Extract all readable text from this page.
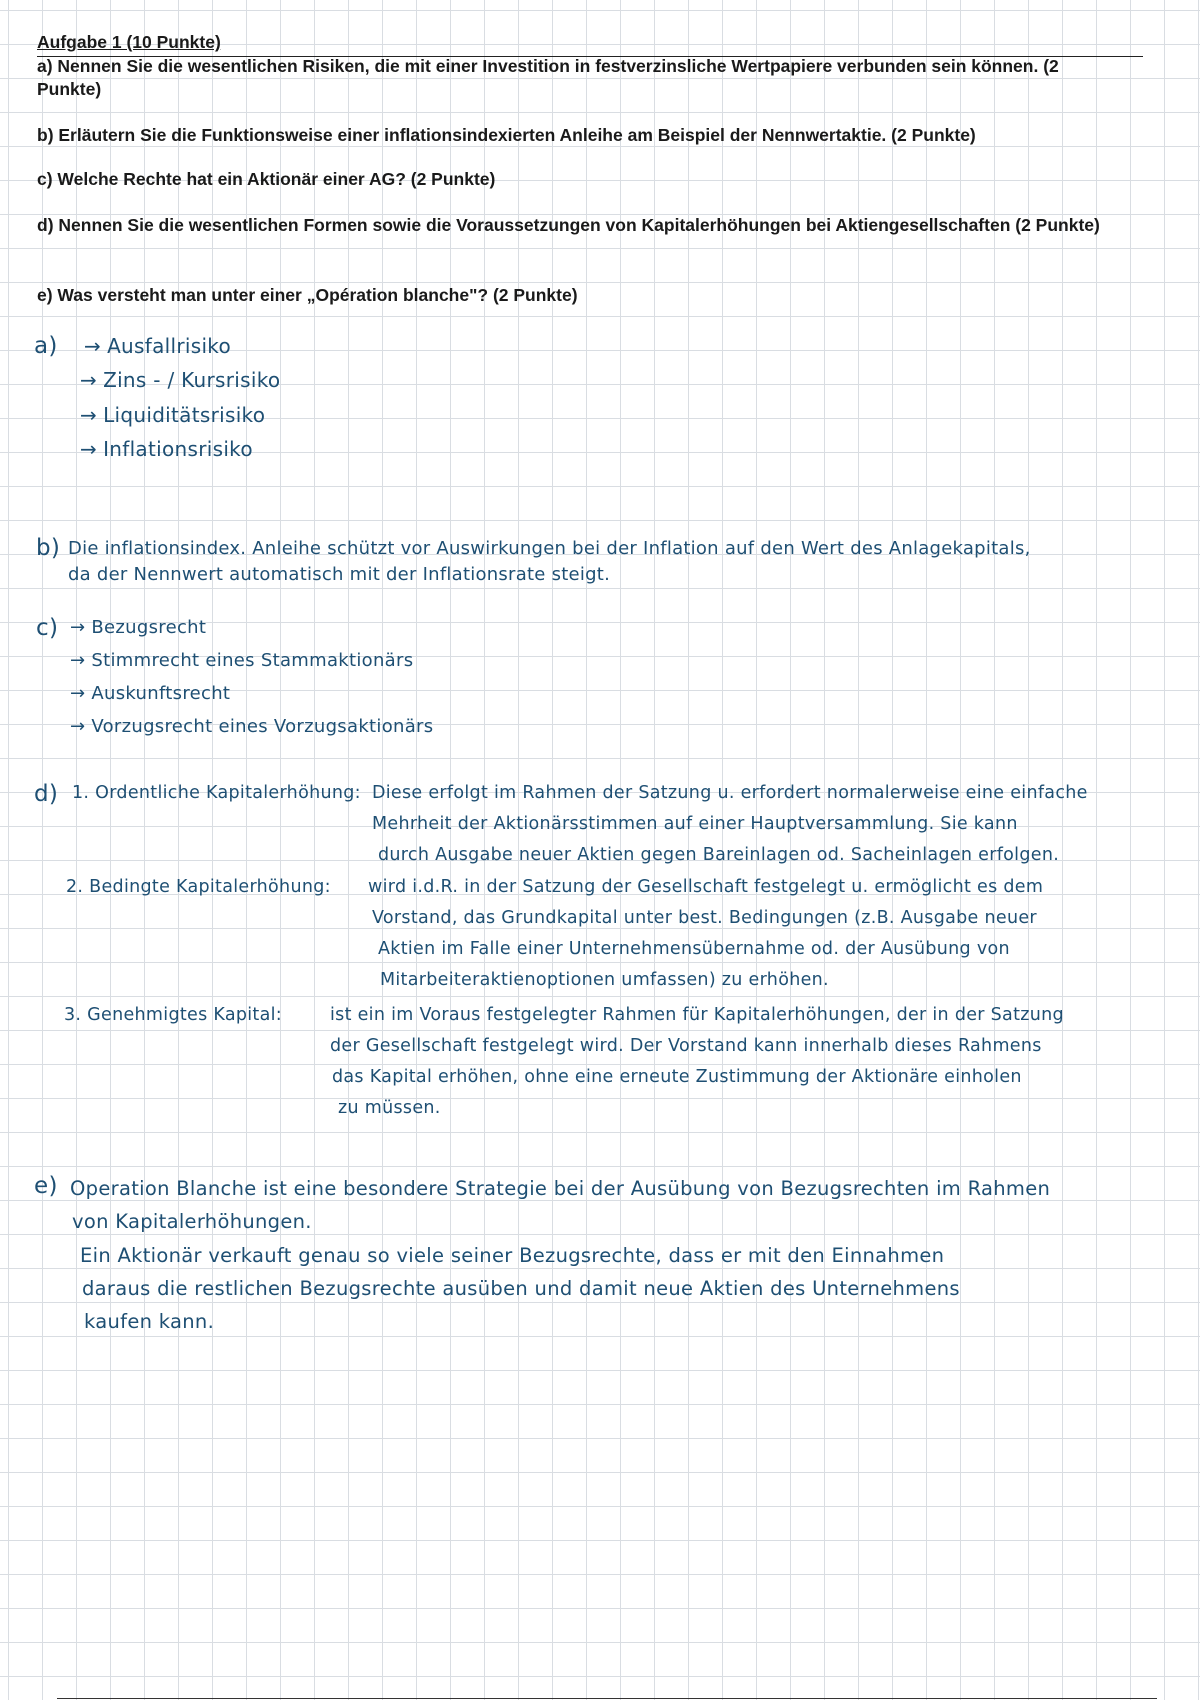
Aufgabe 1 (10 Punkte)
a) Nennen Sie die wesentlichen Risiken, die mit einer Investition in festverzinsliche Wertpapiere verbunden sein können. (2 Punkte)
b) Erläutern Sie die Funktionsweise einer inflationsindexierten Anleihe am Beispiel der Nennwertaktie. (2 Punkte)
c) Welche Rechte hat ein Aktionär einer AG? (2 Punkte)
d) Nennen Sie die wesentlichen Formen sowie die Voraussetzungen von Kapitalerhöhungen bei Aktiengesellschaften (2 Punkte)
e) Was versteht man unter einer „Opération blanche"? (2 Punkte)
a) → Ausfallrisiko
→ Zins - / Kursrisiko
→ Liquiditätsrisiko
→ Inflationsrisiko
b) Die inflationsindex. Anleihe schützt vor Auswirkungen bei der Inflation auf den Wert des Anlagekapitals,
da der Nennwert automatisch mit der Inflationsrate steigt.
c) → Bezugsrecht
→ Stimmrecht eines Stammaktionärs
→ Auskunftsrecht
→ Vorzugsrecht eines Vorzugsaktionärs
d) 1. Ordentliche Kapitalerhöhung: Diese erfolgt im Rahmen der Satzung u. erfordert normalerweise eine einfache
Mehrheit der Aktionärsstimmen auf einer Hauptversammlung. Sie kann
durch Ausgabe neuer Aktien gegen Bareinlagen od. Sacheinlagen erfolgen.
2. Bedingte Kapitalerhöhung: wird i.d.R. in der Satzung der Gesellschaft festgelegt u. ermöglicht es dem
Vorstand, das Grundkapital unter best. Bedingungen (z.B. Ausgabe neuer
Aktien im Falle einer Unternehmensübernahme od. der Ausübung von
Mitarbeiteraktienoptionen umfassen) zu erhöhen.
3. Genehmigtes Kapital:	ist ein im Voraus festgelegter Rahmen für Kapitalerhöhungen, der in der Satzung
der Gesellschaft festgelegt wird. Der Vorstand kann innerhalb dieses Rahmens
das Kapital erhöhen, ohne eine erneute Zustimmung der Aktionäre einholen
zu müssen.
e) Operation Blanche ist eine besondere Strategie bei der Ausübung von Bezugsrechten im Rahmen
von Kapitalerhöhungen.
Ein Aktionär verkauft genau so viele seiner Bezugsrechte, dass er mit den Einnahmen
daraus die restlichen Bezugsrechte ausüben und damit neue Aktien des Unternehmens
kaufen kann.
